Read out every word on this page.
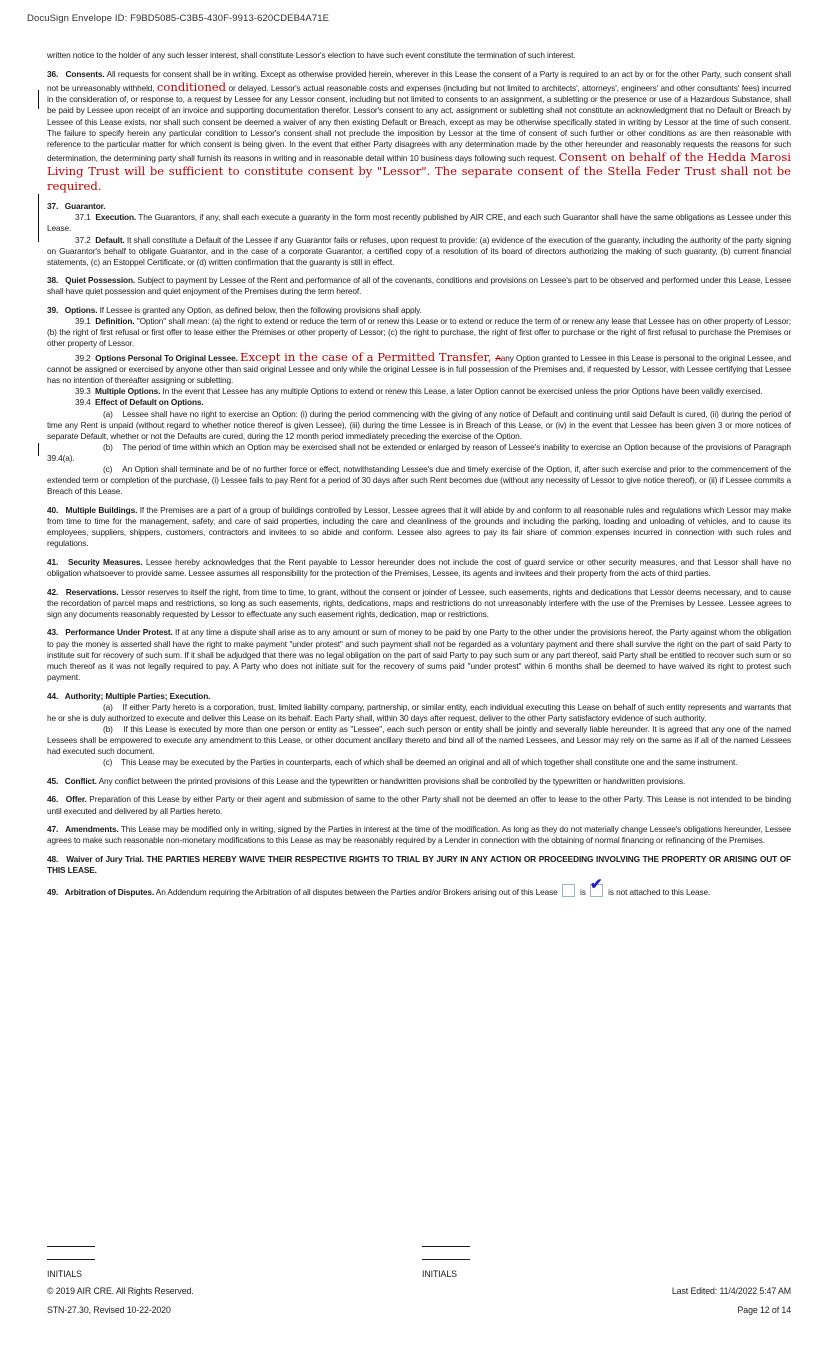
DocuSign Envelope ID: F9BD5085-C3B5-430F-9913-620CDEB4A71E

written notice to the holder of any such lesser interest, shall constitute Lessor's election to have such event constitute the termination of such interest.

36.   Consents. All requests for consent shall be in writing. Except as otherwise provided herein, wherever in this Lease the consent of a Party is required to an act by or for the other Party, such consent shall not be unreasonably withheld, conditioned or delayed. Lessor's actual reasonable costs and expenses (including but not limited to architects', attorneys', engineers' and other consultants' fees) incurred in the consideration of, or response to, a request by Lessee for any Lessor consent, including but not limited to consents to an assignment, a subletting or the presence or use of a Hazardous Substance, shall be paid by Lessee upon receipt of an invoice and supporting documentation therefor. Lessor's consent to any act, assignment or subletting shall not constitute an acknowledgment that no Default or Breach by Lessee of this Lease exists, nor shall such consent be deemed a waiver of any then existing Default or Breach, except as may be otherwise specifically stated in writing by Lessor at the time of such consent. The failure to specify herein any particular condition to Lessor's consent shall not preclude the imposition by Lessor at the time of consent of such further or other conditions as are then reasonable with reference to the particular matter for which consent is being given. In the event that either Party disagrees with any determination made by the other hereunder and reasonably requests the reasons for such determination, the determining party shall furnish its reasons in writing and in reasonable detail within 10 business days following such request. Consent on behalf of the Hedda Marosi Living Trust will be sufficient to constitute consent by "Lessor". The separate consent of the Stella Feder Trust shall not be required.

37.   Guarantor.

37.1  Execution. The Guarantors, if any, shall each execute a guaranty in the form most recently published by AIR CRE, and each such Guarantor shall have the same obligations as Lessee under this Lease.

37.2  Default. It shall constitute a Default of the Lessee if any Guarantor fails or refuses, upon request to provide: (a) evidence of the execution of the guaranty, including the authority of the party signing on Guarantor's behalf to obligate Guarantor, and in the case of a corporate Guarantor, a certified copy of a resolution of its board of directors authorizing the making of such guaranty, (b) current financial statements, (c) an Estoppel Certificate, or (d) written confirmation that the guaranty is still in effect.

38.   Quiet Possession. Subject to payment by Lessee of the Rent and performance of all of the covenants, conditions and provisions on Lessee's part to be observed and performed under this Lease, Lessee shall have quiet possession and quiet enjoyment of the Premises during the term hereof.

39.   Options. If Lessee is granted any Option, as defined below, then the following provisions shall apply.

39.1  Definition. "Option" shall mean: (a) the right to extend or reduce the term of or renew this Lease or to extend or reduce the term of or renew any lease that Lessee has on other property of Lessor; (b) the right of first refusal or first offer to lease either the Premises or other property of Lessor; (c) the right to purchase, the right of first offer to purchase or the right of first refusal to purchase the Premises or other property of Lessor.

39.2  Options Personal To Original Lessee. Except in the case of a Permitted Transfer, Aany Option granted to Lessee in this Lease is personal to the original Lessee, and cannot be assigned or exercised by anyone other than said original Lessee and only while the original Lessee is in full possession of the Premises and, if requested by Lessor, with Lessee certifying that Lessee has no intention of thereafter assigning or subletting.

39.3  Multiple Options. In the event that Lessee has any multiple Options to extend or renew this Lease, a later Option cannot be exercised unless the prior Options have been validly exercised.

39.4  Effect of Default on Options.

(a)    Lessee shall have no right to exercise an Option: (i) during the period commencing with the giving of any notice of Default and continuing until said Default is cured, (ii) during the period of time any Rent is unpaid (without regard to whether notice thereof is given Lessee), (iii) during the time Lessee is in Breach of this Lease, or (iv) in the event that Lessee has been given 3 or more notices of separate Default, whether or not the Defaults are cured, during the 12 month period immediately preceding the exercise of the Option.

(b)    The period of time within which an Option may be exercised shall not be extended or enlarged by reason of Lessee's inability to exercise an Option because of the provisions of Paragraph 39.4(a).

(c)    An Option shall terminate and be of no further force or effect, notwithstanding Lessee's due and timely exercise of the Option, if, after such exercise and prior to the commencement of the extended term or completion of the purchase, (i) Lessee fails to pay Rent for a period of 30 days after such Rent becomes due (without any necessity of Lessor to give notice thereof), or (ii) if Lessee commits a Breach of this Lease.

40.   Multiple Buildings. If the Premises are a part of a group of buildings controlled by Lessor, Lessee agrees that it will abide by and conform to all reasonable rules and regulations which Lessor may make from time to time for the management, safety, and care of said properties, including the care and cleanliness of the grounds and including the parking, loading and unloading of vehicles, and to cause its employees, suppliers, shippers, customers, contractors and invitees to so abide and conform. Lessee also agrees to pay its fair share of common expenses incurred in connection with such rules and regulations.

41.   Security Measures. Lessee hereby acknowledges that the Rent payable to Lessor hereunder does not include the cost of guard service or other security measures, and that Lessor shall have no obligation whatsoever to provide same. Lessee assumes all responsibility for the protection of the Premises, Lessee, its agents and invitees and their property from the acts of third parties.

42.   Reservations. Lessor reserves to itself the right, from time to time, to grant, without the consent or joinder of Lessee, such easements, rights and dedications that Lessor deems necessary, and to cause the recordation of parcel maps and restrictions, so long as such easements, rights, dedications, maps and restrictions do not unreasonably interfere with the use of the Premises by Lessee. Lessee agrees to sign any documents reasonably requested by Lessor to effectuate any such easement rights, dedication, map or restrictions.

43.   Performance Under Protest. If at any time a dispute shall arise as to any amount or sum of money to be paid by one Party to the other under the provisions hereof, the Party against whom the obligation to pay the money is asserted shall have the right to make payment "under protest" and such payment shall not be regarded as a voluntary payment and there shall survive the right on the part of said Party to institute suit for recovery of such sum. If it shall be adjudged that there was no legal obligation on the part of said Party to pay such sum or any part thereof, said Party shall be entitled to recover such sum or so much thereof as it was not legally required to pay. A Party who does not initiate suit for the recovery of sums paid "under protest" within 6 months shall be deemed to have waived its right to protest such payment.

44.   Authority; Multiple Parties; Execution.

(a)    If either Party hereto is a corporation, trust, limited liability company, partnership, or similar entity, each individual executing this Lease on behalf of such entity represents and warrants that he or she is duly authorized to execute and deliver this Lease on its behalf. Each Party shall, within 30 days after request, deliver to the other Party satisfactory evidence of such authority.

(b)    If this Lease is executed by more than one person or entity as "Lessee", each such person or entity shall be jointly and severally liable hereunder. It is agreed that any one of the named Lessees shall be empowered to execute any amendment to this Lease, or other document ancillary thereto and bind all of the named Lessees, and Lessor may rely on the same as if all of the named Lessees had executed such document.

(c)    This Lease may be executed by the Parties in counterparts, each of which shall be deemed an original and all of which together shall constitute one and the same instrument.

45.   Conflict. Any conflict between the printed provisions of this Lease and the typewritten or handwritten provisions shall be controlled by the typewritten or handwritten provisions.

46.   Offer. Preparation of this Lease by either Party or their agent and submission of same to the other Party shall not be deemed an offer to lease to the other Party. This Lease is not intended to be binding until executed and delivered by all Parties hereto.

47.   Amendments. This Lease may be modified only in writing, signed by the Parties in interest at the time of the modification. As long as they do not materially change Lessee's obligations hereunder, Lessee agrees to make such reasonable non-monetary modifications to this Lease as may be reasonably required by a Lender in connection with the obtaining of normal financing or refinancing of the Premises.

48.   Waiver of Jury Trial. THE PARTIES HEREBY WAIVE THEIR RESPECTIVE RIGHTS TO TRIAL BY JURY IN ANY ACTION OR PROCEEDING INVOLVING THE PROPERTY OR ARISING OUT OF THIS LEASE.

49.   Arbitration of Disputes. An Addendum requiring the Arbitration of all disputes between the Parties and/or Brokers arising out of this Lease  is ✔ is not attached to this Lease.

INITIALS	INITIALS
© 2019 AIR CRE. All Rights Reserved.	Last Edited: 11/4/2022 5:47 AM
STN-27.30, Revised 10-22-2020	Page 12 of 14
